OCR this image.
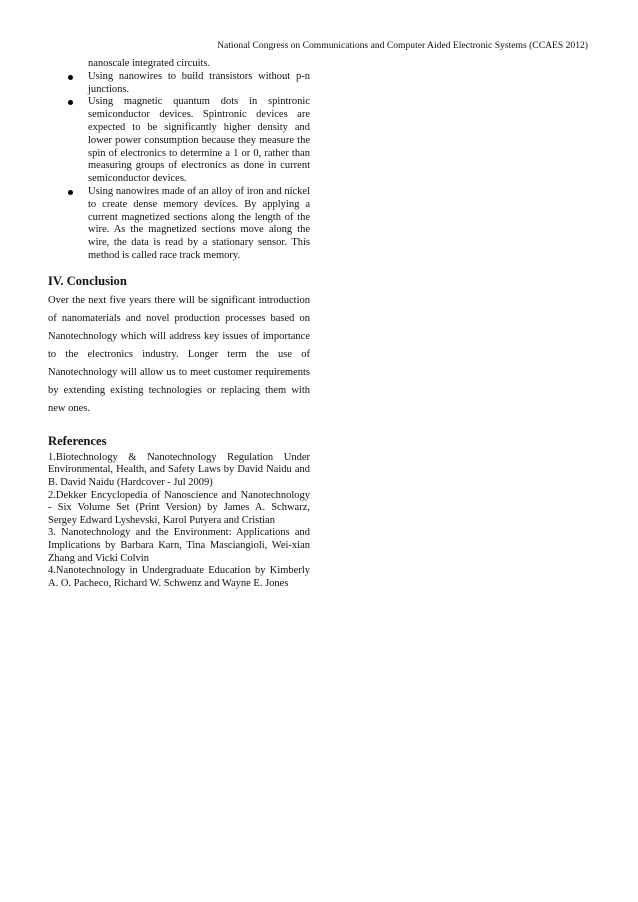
National Congress on Communications and Computer Aided Electronic Systems (CCAES 2012)
nanoscale integrated circuits.
Using nanowires to build transistors without p-n junctions.
Using magnetic quantum dots in spintronic semiconductor devices. Spintronic devices are expected to be significantly higher density and lower power consumption because they measure the spin of electronics to determine a 1 or 0, rather than measuring groups of electronics as done in current semiconductor devices.
Using nanowires made of an alloy of iron and nickel to create dense memory devices. By applying a current magnetized sections along the length of the wire. As the magnetized sections move along the wire, the data is read by a stationary sensor. This method is called race track memory.
IV. Conclusion
Over the next five years there will be significant introduction of nanomaterials and novel production processes based on Nanotechnology which will address key issues of importance to the electronics industry. Longer term the use of Nanotechnology will allow us to meet customer requirements by extending existing technologies or replacing them with new ones.
References
1.Biotechnology & Nanotechnology Regulation Under Environmental, Health, and Safety Laws by David Naidu and B. David Naidu (Hardcover - Jul 2009)
2.Dekker Encyclopedia of Nanoscience and Nanotechnology - Six Volume Set (Print Version) by James A. Schwarz, Sergey Edward Lyshevski, Karol Putyera and Cristian
3. Nanotechnology and the Environment: Applications and Implications by Barbara Karn, Tina Masciangioli, Wei-xian Zhang and Vicki Colvin
4.Nanotechnology in Undergraduate Education by Kimberly A. O. Pacheco, Richard W. Schwenz and Wayne E. Jones
